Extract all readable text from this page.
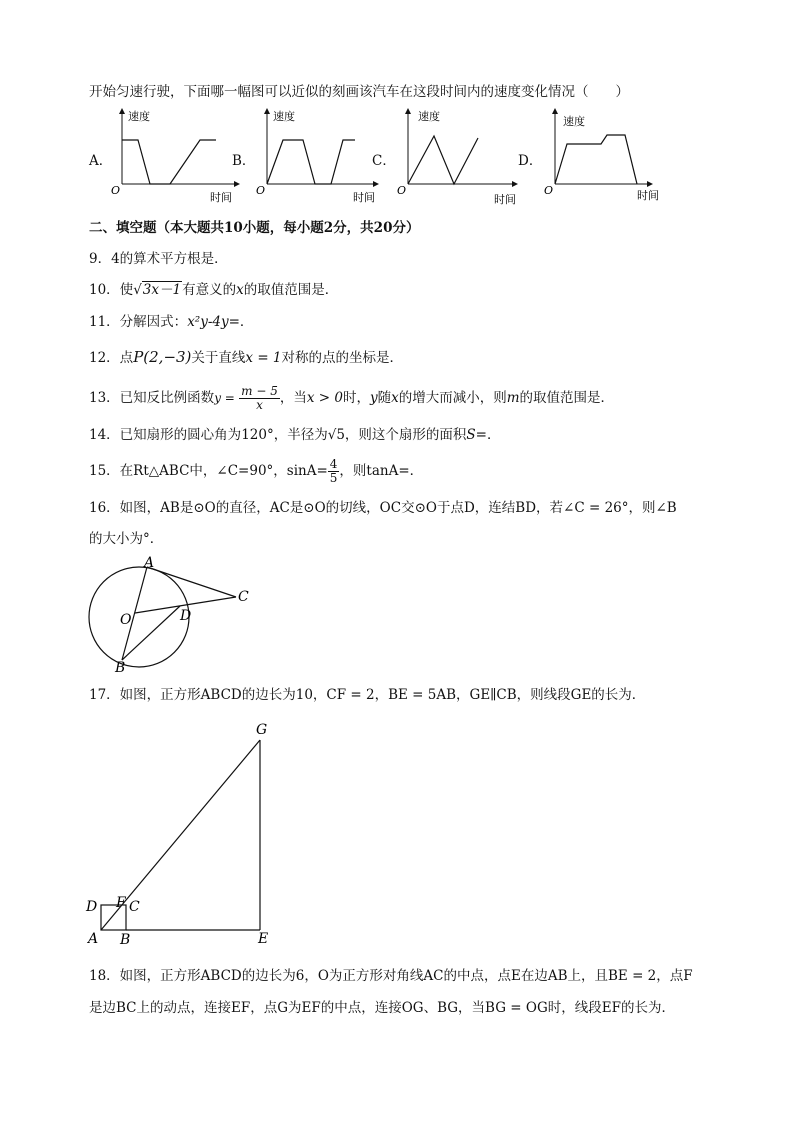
开始匀速行驶，下面哪一幅图可以近似的刻画该汽车在这段时间内的速度变化情况（　　）
A．
速度
时间
O
B．
速度
时间
O
C．
速度
时间
O
D．
速度
时间
O
二、填空题（本大题共10小题，每小题2分，共20分）
9．4的算术平方根是．
10．使√3x－1有意义的x的取值范围是．
11．分解因式：x²y-4y=．
12．点P(2,−3)关于直线x = 1对称的点的坐标是．
13．已知反比例函数$y = \frac{m - 5}{x}$ ，当x > 0时，y随x的增大而减小，则m的取值范围是．
14．已知扇形的圆心角为120°，半径为√5，则这个扇形的面积S=．
15．在Rt△ABC中，∠C=90°，$\sin A= \frac{4}{5}$ ，则tanA=．
16．如图，AB是⊙O的直径，AC是⊙O的切线，OC交⊙O于点D，连结BD，若∠C = 26°，则∠B
的大小为°．
A
B
C
D
O
17．如图，正方形ABCD的边长为10，CF = 2，BE = 5AB，GE∥CB，则线段GE的长为．
G
D F C
A B	E
18．如图，正方形ABCD的边长为6，O为正方形对角线AC的中点，点E在边AB上，且BE = 2，点F
是边BC上的动点，连接EF，点G为EF的中点，连接OG、BG，当BG = OG时，线段EF的长为．
